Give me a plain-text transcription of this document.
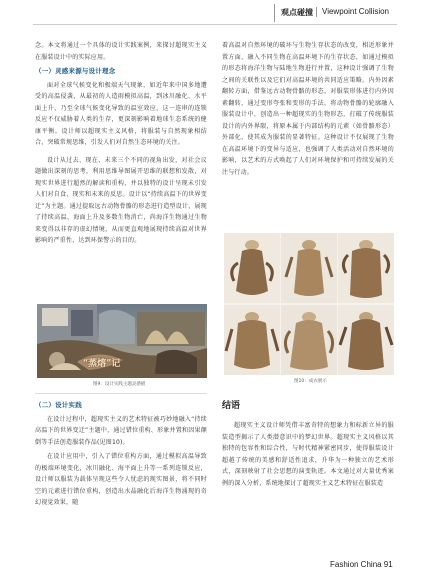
观点碰撞 Viewpoint Collision

念。本文将通过一个具体的设计实践案例，来探讨超现实主义在服装设计中的实际应用。

（一）灵感来源与设计理念

面对全球气候变化和极端天气现象，如近年来中国多地遭受的高温侵袭，从最初的人造雨模拟高温，到冰川融化、水平面上升，乃至全球气候变化导致的温室效应，这一连串的连锁反应不仅威胁着人类的生存，更深刻影响着地球生态系统的健康平衡。设计师以超现实主义风格，将服装与自然现象相结合，突破常规思维，引发人们对自然生态环境的关注。

设计从过去、现在、未来三个不同的视角出发，对社会议题做出深刻的思考，利用思维导图展开思维的联想和发散，对现实世界进行超然的解读和重构，并以独特的设计呈现未引发人们对自食、现实和未来的反思。设计以“持续高温下的世界变迁”为主题。通过提取远古动物骨骼的形态进行造型设计，展现了持续高温、海面上升及多数生物消亡，尚海洋生物通过生物来变得以非存的虚幻情境，从而更直观地展现持续高温对世界影响的严重性，达到环保警示的目的。

“蒸熔”记
图9：设计实践主题灵感板
（二）设计实践

在设计过程中，超现实主义的艺术特征被巧妙地融入“持续高温下的世界变迁”主题中，通过错位重构、形象并置和因果颠倒等手法创造服装作品(见图10)。

在设计应用中，引入了错位重构方面，通过模拟高温导致的极端环境变化，冰川融化、海平面上升等一系列连锁反应，设计师以服装为载体呈现这些令人忧虑的现实图景，将不同时空的元素进行错位重构，创造出水晶融化后海洋生物涌现的奇幻视觉效果，随

着高温对自然环境的破坏与生物生存状态的改变，相近形象并置方面，融入不同生物在高温环境下的生存状态，如通过模拟的形态将海洋生物与陆地生物进行并置，这种设计强调了生物之间的关联性以及它们对高温环境的共同适应策略。内外因素翻转方面，借鉴远古动物骨骼的形态，对服装形体进行内外因素翻转，通过变形夸张和变形的手法，将动物骨骼的轮廓融入服装设计中，创造出一种超现实的生物形态，打破了传统服装设计的内外界限，将原本属于内部结构的元素（如骨骼形态）外部化，使其成为服装的显著特征。这种设计不仅展现了生物在高温环境下的变异与适应，也强调了人类活动对自然环境的影响，以艺术的方式唤起了人们对环境保护和可持续发展的关注与行动。

图10：成衣展示
结语

超现实主义设计师凭借丰富奇特的想象力和标新立异的服装造型揭示了人类潜意识中的梦幻世界。超现实主义风格以其独特的包容性和综合性，与时代精神紧密同步，使得服装设计超越了传统的美感和舒适性追求，升华为一种独立的艺术形式，深刻映射了社会思想的演变轨迹。本文通过对大量优秀案例的深入分析，系统地探讨了超现实主义艺术特征在服装造

Fashion China 91
